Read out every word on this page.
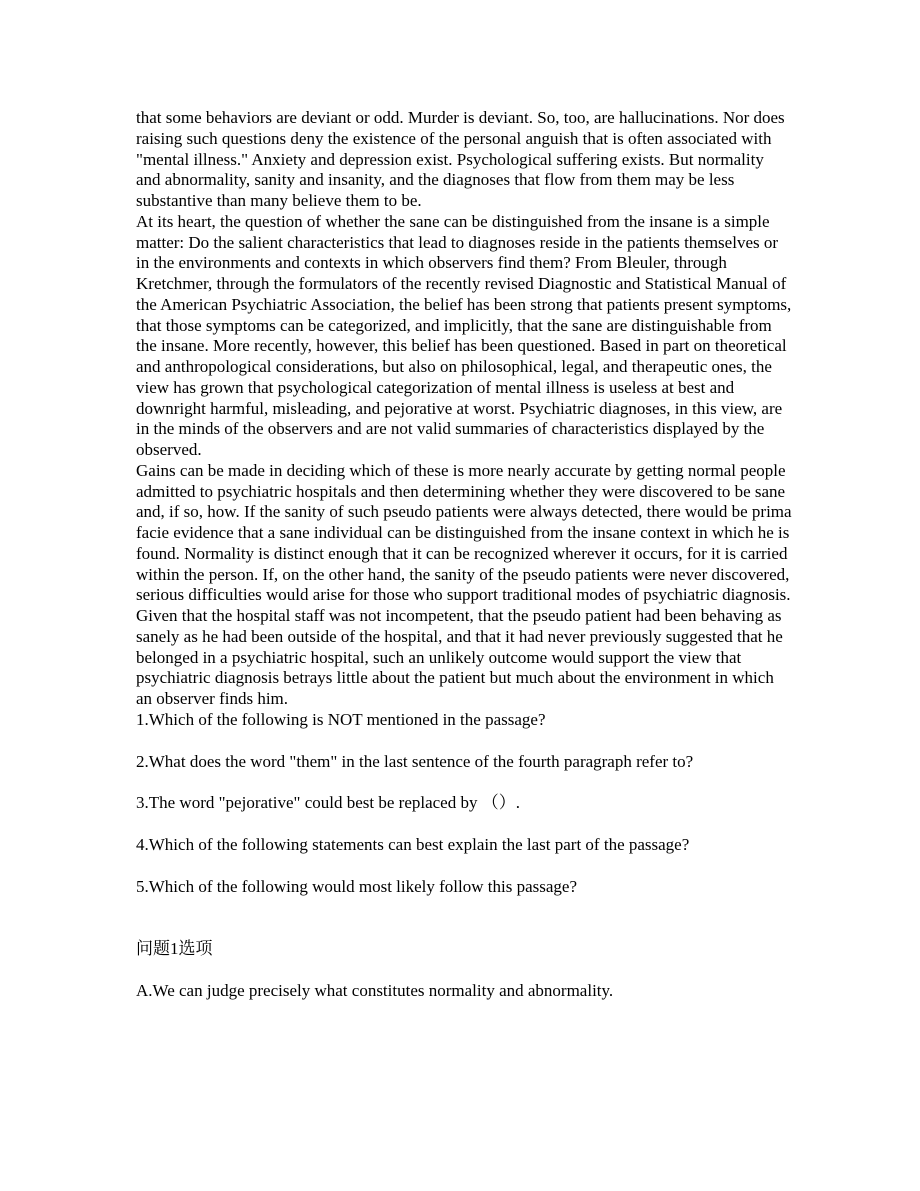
that some behaviors are deviant or odd. Murder is deviant. So, too, are hallucinations. Nor does raising such questions deny the existence of the personal anguish that is often associated with "mental illness." Anxiety and depression exist. Psychological suffering exists. But normality and abnormality, sanity and insanity, and the diagnoses that flow from them may be less substantive than many believe them to be.

At its heart, the question of whether the sane can be distinguished from the insane is a simple matter: Do the salient characteristics that lead to diagnoses reside in the patients themselves or in the environments and contexts in which observers find them? From Bleuler, through Kretchmer, through the formulators of the recently revised Diagnostic and Statistical Manual of the American Psychiatric Association, the belief has been strong that patients present symptoms, that those symptoms can be categorized, and implicitly, that the sane are distinguishable from the insane. More recently, however, this belief has been questioned. Based in part on theoretical and anthropological considerations, but also on philosophical, legal, and therapeutic ones, the view has grown that psychological categorization of mental illness is useless at best and downright harmful, misleading, and pejorative at worst. Psychiatric diagnoses, in this view, are in the minds of the observers and are not valid summaries of characteristics displayed by the observed.

Gains can be made in deciding which of these is more nearly accurate by getting normal people admitted to psychiatric hospitals and then determining whether they were discovered to be sane and, if so, how. If the sanity of such pseudo patients were always detected, there would be prima facie evidence that a sane individual can be distinguished from the insane context in which he is found. Normality is distinct enough that it can be recognized wherever it occurs, for it is carried within the person. If, on the other hand, the sanity of the pseudo patients were never discovered, serious difficulties would arise for those who support traditional modes of psychiatric diagnosis. Given that the hospital staff was not incompetent, that the pseudo patient had been behaving as sanely as he had been outside of the hospital, and that it had never previously suggested that he belonged in a psychiatric hospital, such an unlikely outcome would support the view that psychiatric diagnosis betrays little about the patient but much about the environment in which an observer finds him.

1.Which of the following is NOT mentioned in the passage?

2.What does the word "them" in the last sentence of the fourth paragraph refer to?

3.The word "pejorative" could best be replaced by （）.

4.Which of the following statements can best explain the last part of the passage?

5.Which of the following would most likely follow this passage?

问题1选项

A.We can judge precisely what constitutes normality and abnormality.
